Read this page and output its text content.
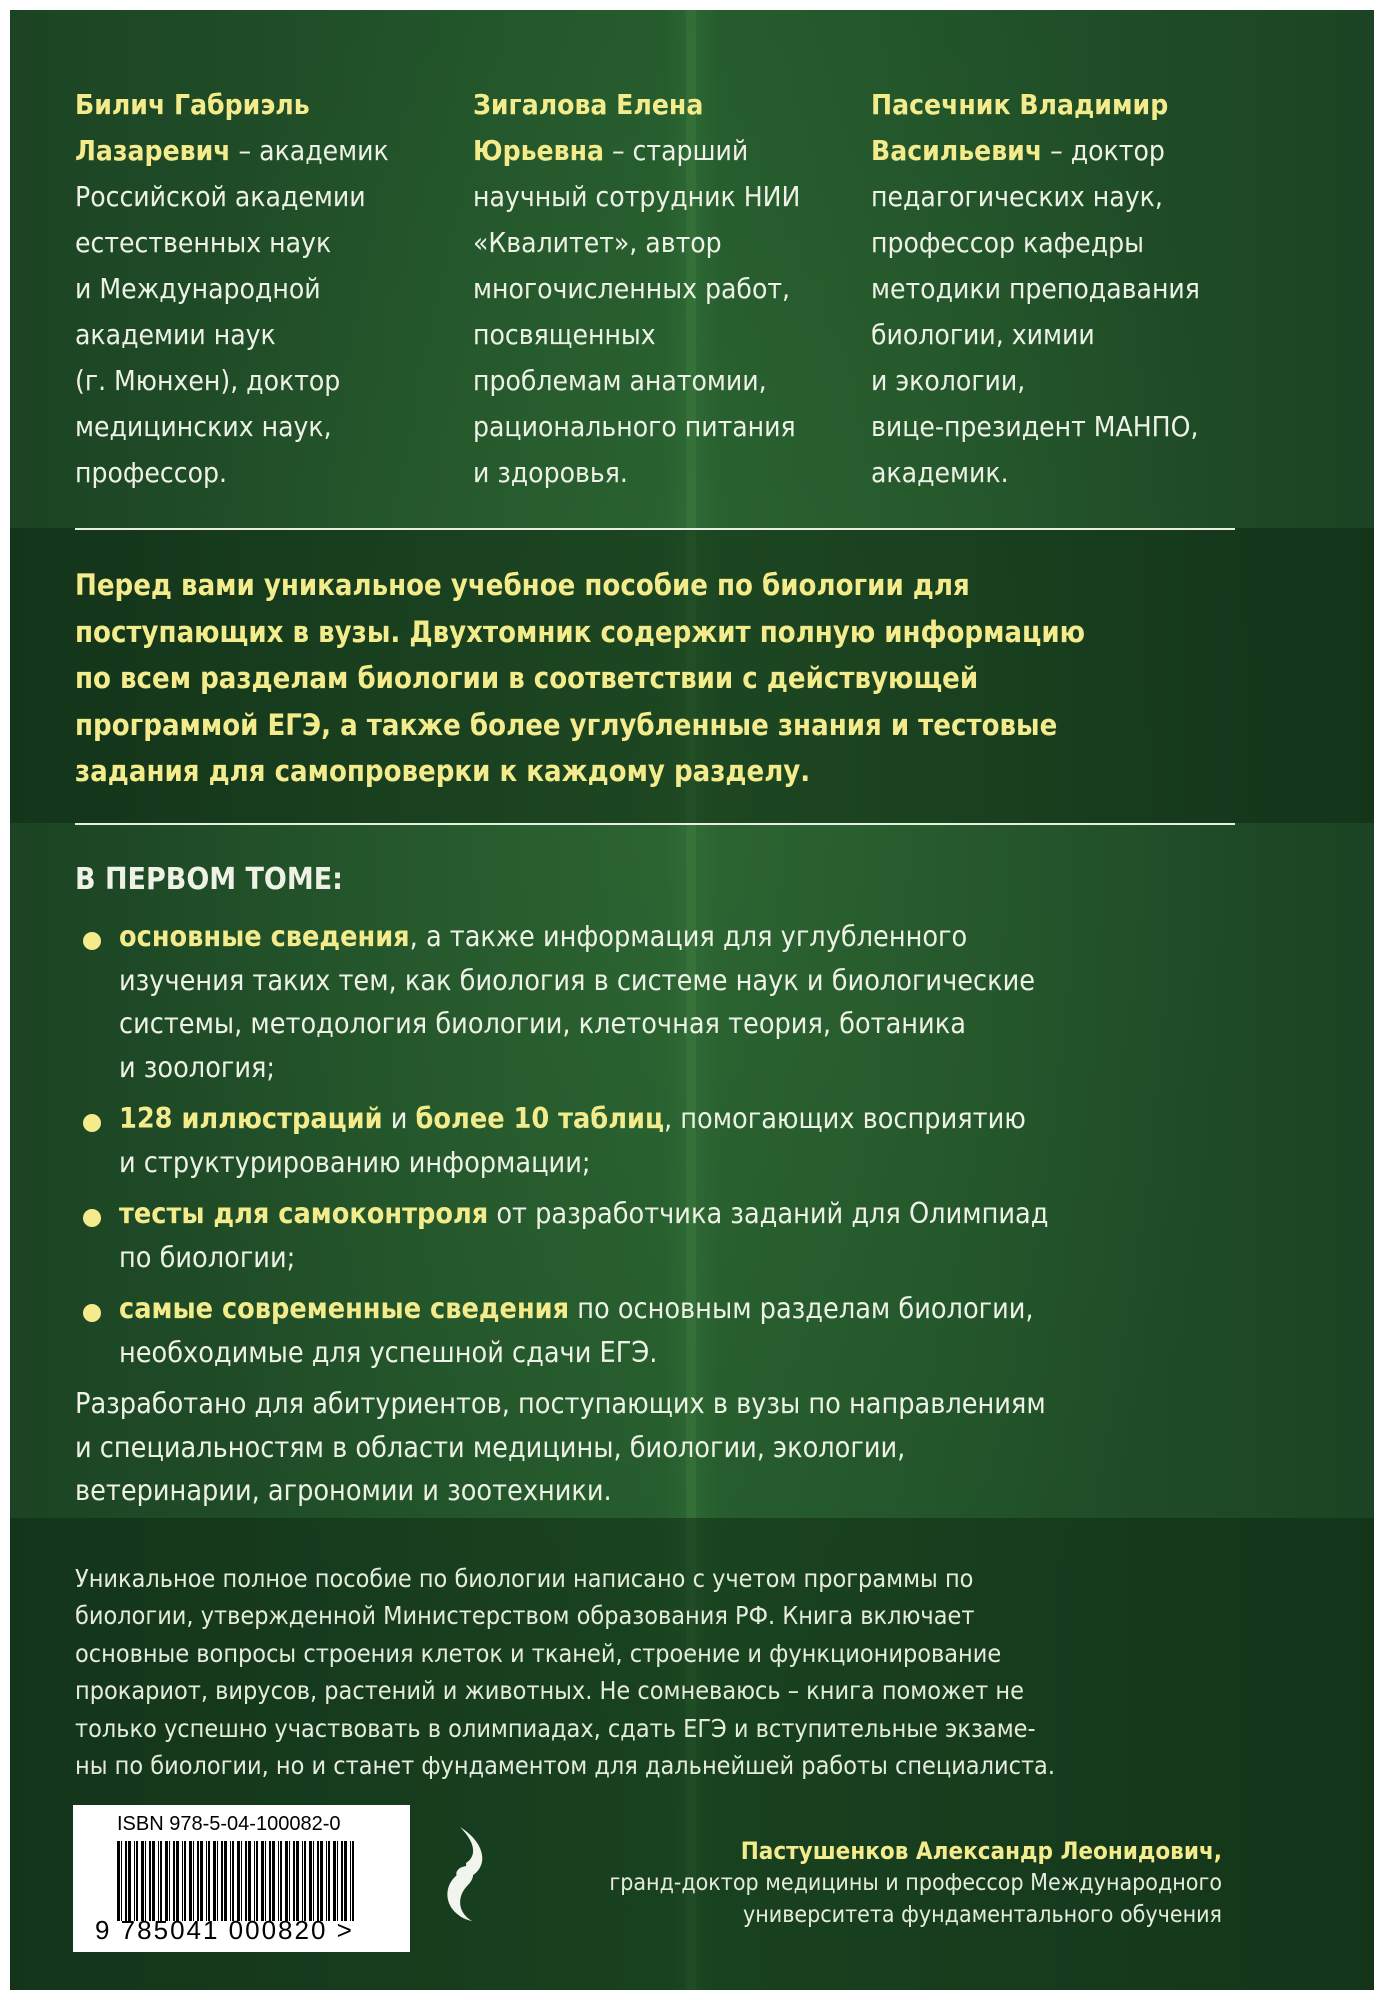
Билич Габриэль
Лазаревич – академик
Российской академии
естественных наук
и Международной
академии наук
(г. Мюнхен), доктор
медицинских наук,
профессор.
Зигалова Елена
Юрьевна – старший
научный сотрудник НИИ
«Квалитет», автор
многочисленных работ,
посвященных
проблемам анатомии,
рационального питания
и здоровья.
Пасечник Владимир
Васильевич – доктор
педагогических наук,
профессор кафедры
методики преподавания
биологии, химии
и экологии,
вице-президент МАНПО,
академик.
Перед вами уникальное учебное пособие по биологии для
поступающих в вузы. Двухтомник содержит полную информацию
по всем разделам биологии в соответствии с действующей
программой ЕГЭ, а также более углубленные знания и тестовые
задания для самопроверки к каждому разделу.
В ПЕРВОМ ТОМЕ:
основные сведения, а также информация для углубленного
изучения таких тем, как биология в системе наук и биологические
системы, методология биологии, клеточная теория, ботаника
и зоология;
128 иллюстраций и более 10 таблиц, помогающих восприятию
и структурированию информации;
тесты для самоконтроля от разработчика заданий для Олимпиад
по биологии;
самые современные сведения по основным разделам биологии,
необходимые для успешной сдачи ЕГЭ.
Разработано для абитуриентов, поступающих в вузы по направлениям
и специальностям в области медицины, биологии, экологии,
ветеринарии, агрономии и зоотехники.
Уникальное полное пособие по биологии написано с учетом программы по
биологии, утвержденной Министерством образования РФ. Книга включает
основные вопросы строения клеток и тканей, строение и функционирование
прокариот, вирусов, растений и животных. Не сомневаюсь – книга поможет не
только успешно участвовать в олимпиадах, сдать ЕГЭ и вступительные экзаме-
ны по биологии, но и станет фундаментом для дальнейшей работы специалиста.
ISBN 978-5-04-100082-0
9 785041 000820 >
Пастушенков Александр Леонидович,
гранд-доктор медицины и профессор Международного
университета фундаментального обучения
